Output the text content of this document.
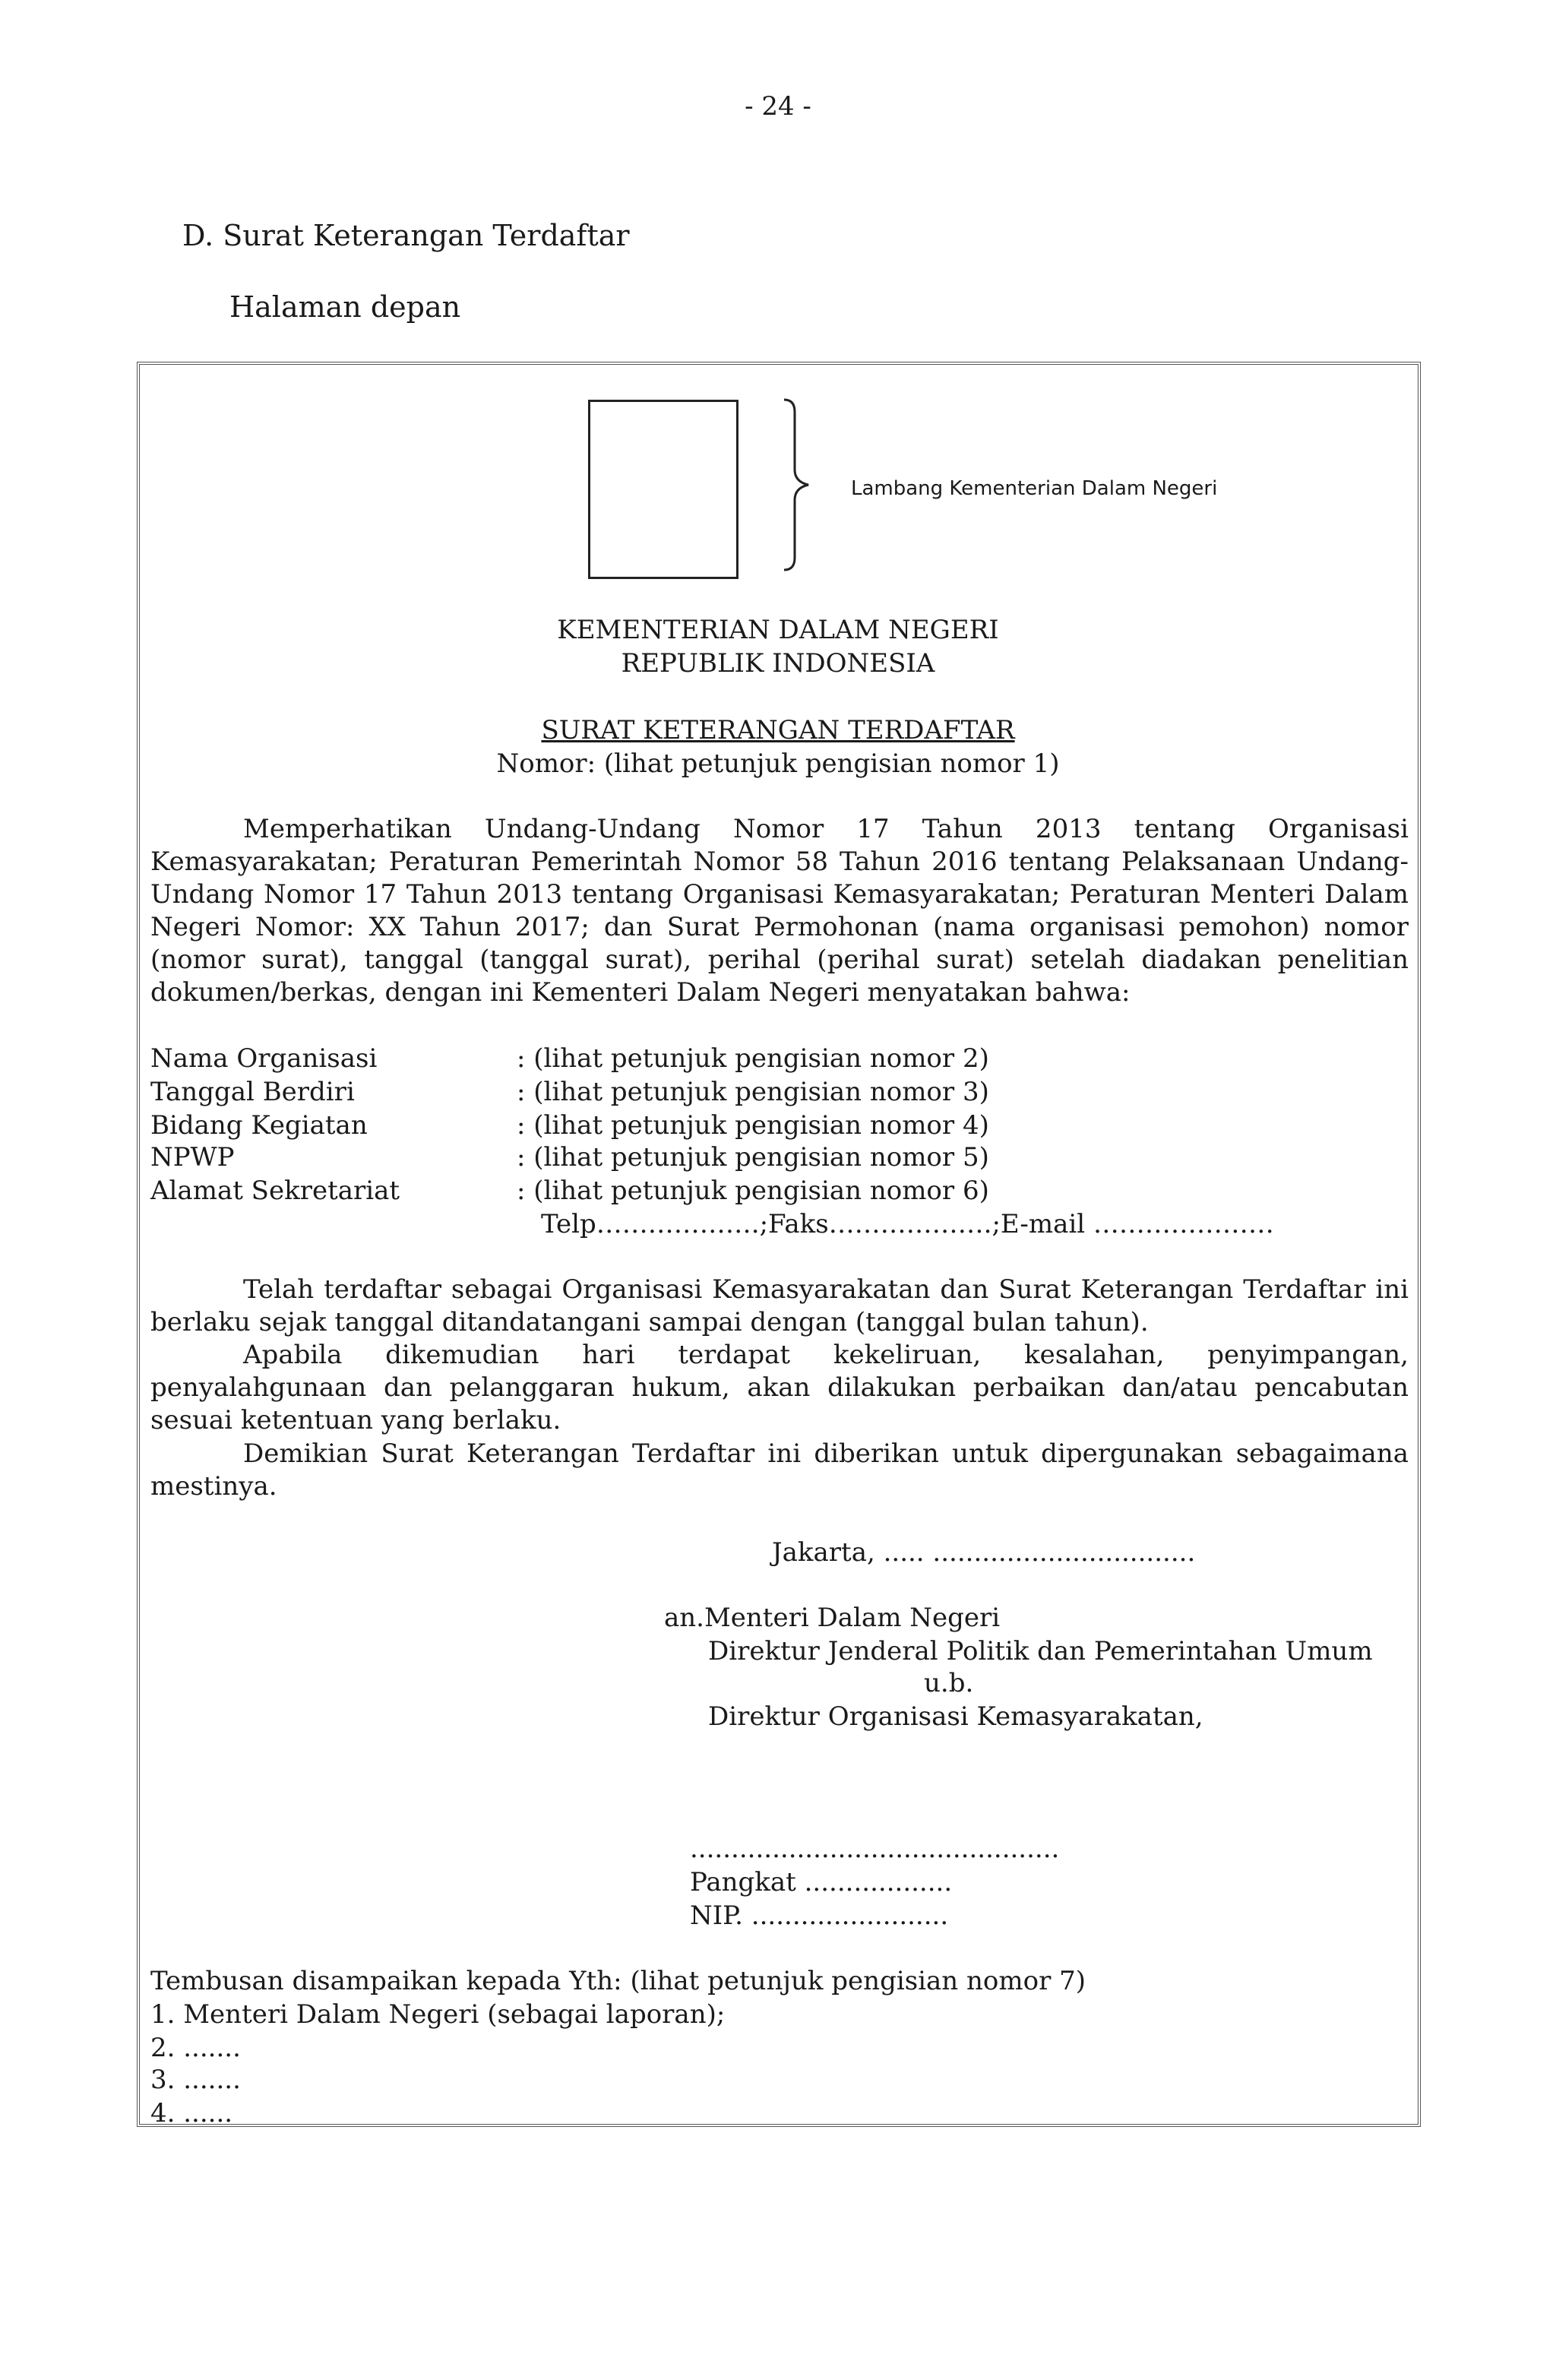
- 24 -
D. Surat Keterangan Terdaftar
Halaman depan
Lambang Kementerian Dalam Negeri
KEMENTERIAN DALAM NEGERI
REPUBLIK INDONESIA
SURAT KETERANGAN TERDAFTAR
Nomor: (lihat petunjuk pengisian nomor 1)
Memperhatikan Undang-Undang Nomor 17 Tahun 2013 tentang Organisasi Kemasyarakatan; Peraturan Pemerintah Nomor 58 Tahun 2016 tentang Pelaksanaan Undang-Undang Nomor 17 Tahun 2013 tentang Organisasi Kemasyarakatan; Peraturan Menteri Dalam Negeri Nomor: XX Tahun 2017; dan Surat Permohonan (nama organisasi pemohon) nomor (nomor surat), tanggal (tanggal surat), perihal (perihal surat) setelah diadakan penelitian dokumen/berkas, dengan ini Kementeri Dalam Negeri menyatakan bahwa:
Nama Organisasi	: (lihat petunjuk pengisian nomor 2)
Tanggal Berdiri	: (lihat petunjuk pengisian nomor 3)
Bidang Kegiatan	: (lihat petunjuk pengisian nomor 4)
NPWP	: (lihat petunjuk pengisian nomor 5)
Alamat Sekretariat	: (lihat petunjuk pengisian nomor 6)
Telp……………….;Faks……………….;E-mail …………………
Telah terdaftar sebagai Organisasi Kemasyarakatan dan Surat Keterangan Terdaftar ini berlaku sejak tanggal ditandatangani sampai dengan (tanggal bulan tahun).
Apabila dikemudian hari terdapat kekeliruan, kesalahan, penyimpangan, penyalahgunaan dan pelanggaran hukum, akan dilakukan perbaikan dan/atau pencabutan sesuai ketentuan yang berlaku.
Demikian Surat Keterangan Terdaftar ini diberikan untuk dipergunakan sebagaimana mestinya.
Jakarta, ..... ................................
an.Menteri Dalam Negeri
Direktur Jenderal Politik dan Pemerintahan Umum
u.b.
Direktur Organisasi Kemasyarakatan,
.............................................
Pangkat ..................
NIP. ........................
Tembusan disampaikan kepada Yth: (lihat petunjuk pengisian nomor 7)
1. Menteri Dalam Negeri (sebagai laporan);
2. .......
3. .......
4. ......
